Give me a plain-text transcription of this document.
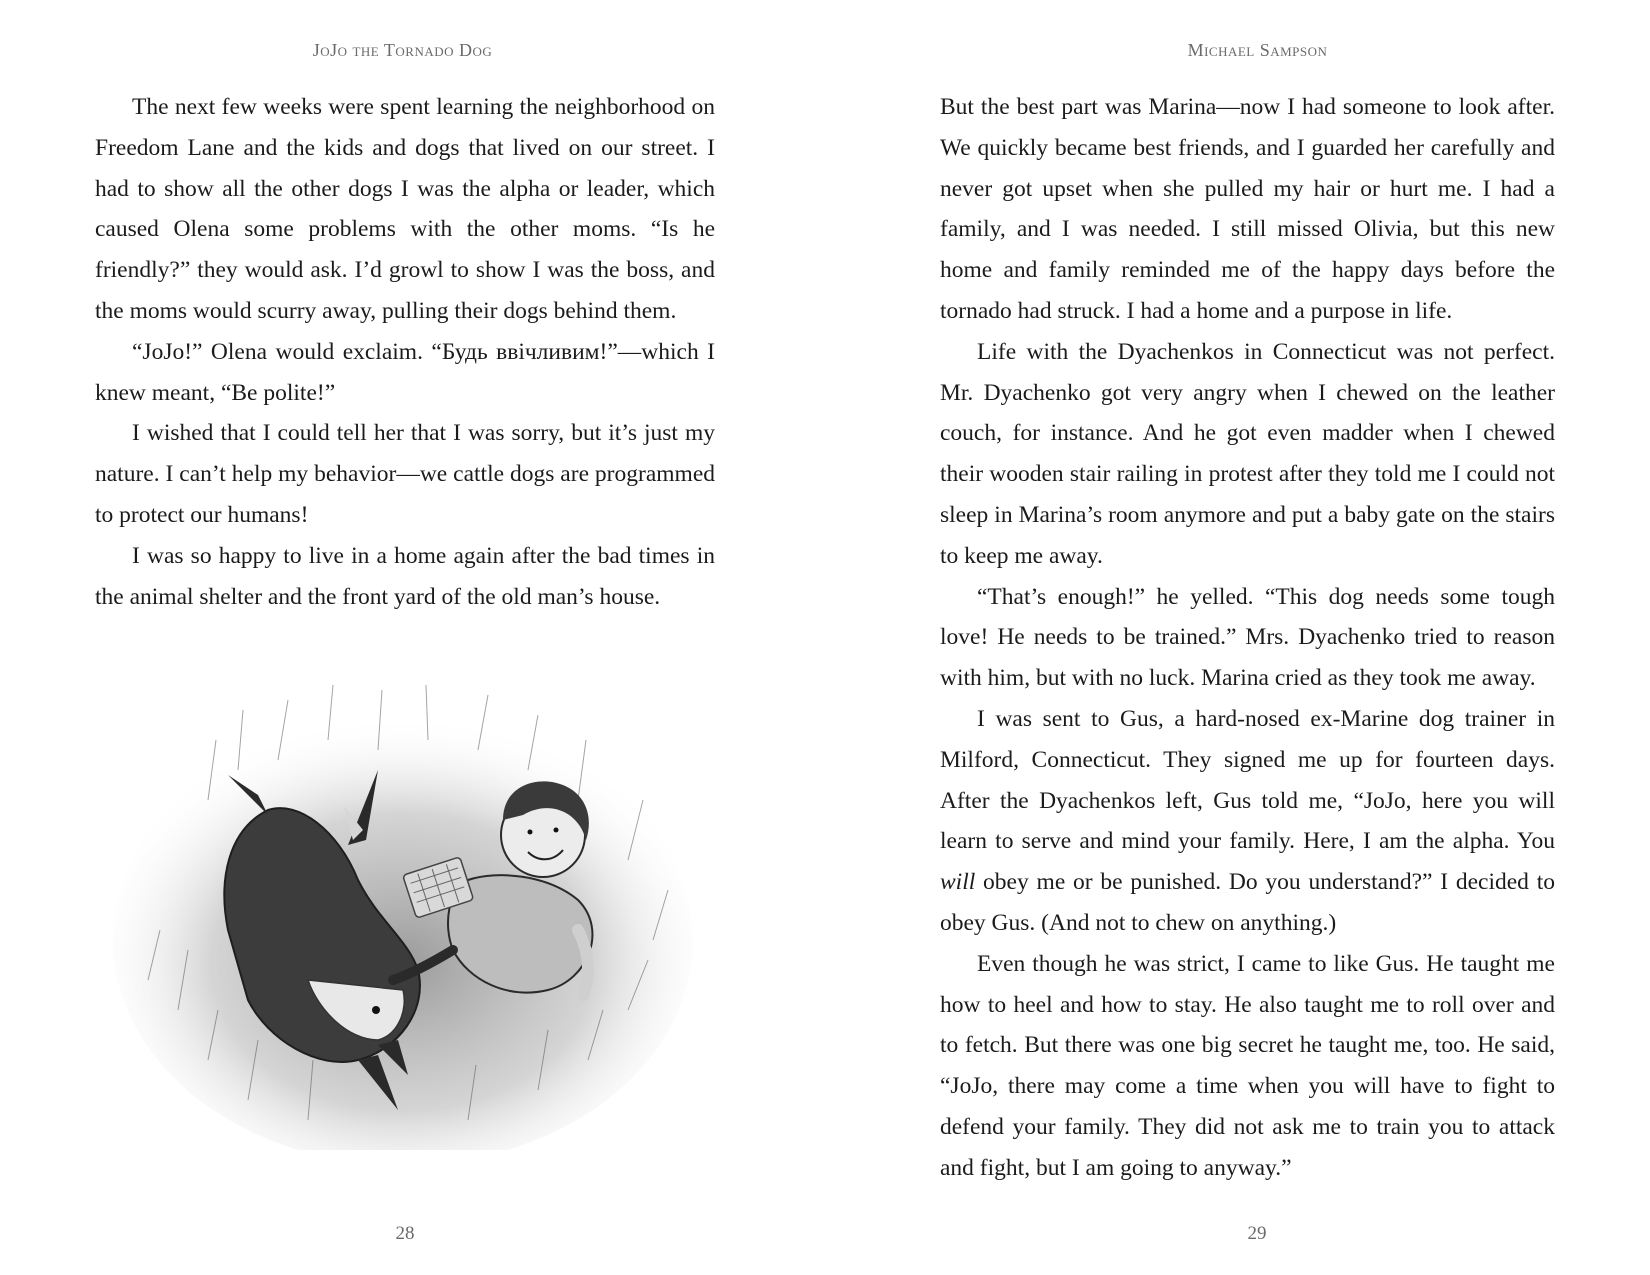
JoJo the Tornado Dog

The next few weeks were spent learning the neighborhood on Freedom Lane and the kids and dogs that lived on our street. I had to show all the other dogs I was the alpha or leader, which caused Olena some problems with the other moms. “Is he friendly?” they would ask. I’d growl to show I was the boss, and the moms would scurry away, pulling their dogs behind them.

“JoJo!” Olena would exclaim. “Будь ввічливим!”—which I knew meant, “Be polite!”

I wished that I could tell her that I was sorry, but it’s just my nature. I can’t help my behavior—we cattle dogs are programmed to protect our humans!

I was so happy to live in a home again after the bad times in the animal shelter and the front yard of the old man’s house.

28
Michael Sampson

But the best part was Marina—now I had someone to look after. We quickly became best friends, and I guarded her carefully and never got upset when she pulled my hair or hurt me. I had a family, and I was needed. I still missed Olivia, but this new home and family reminded me of the happy days before the tornado had struck. I had a home and a purpose in life.

Life with the Dyachenkos in Connecticut was not perfect. Mr. Dyachenko got very angry when I chewed on the leather couch, for instance. And he got even madder when I chewed their wooden stair railing in protest after they told me I could not sleep in Marina’s room anymore and put a baby gate on the stairs to keep me away.

“That’s enough!” he yelled. “This dog needs some tough love! He needs to be trained.” Mrs. Dyachenko tried to reason with him, but with no luck. Marina cried as they took me away.

I was sent to Gus, a hard-nosed ex-Marine dog trainer in Milford, Connecticut. They signed me up for fourteen days. After the Dyachenkos left, Gus told me, “JoJo, here you will learn to serve and mind your family. Here, I am the alpha. You will obey me or be punished. Do you understand?” I decided to obey Gus. (And not to chew on anything.)

Even though he was strict, I came to like Gus. He taught me how to heel and how to stay. He also taught me to roll over and to fetch. But there was one big secret he taught me, too. He said, “JoJo, there may come a time when you will have to fight to defend your family. They did not ask me to train you to attack and fight, but I am going to anyway.”

29
